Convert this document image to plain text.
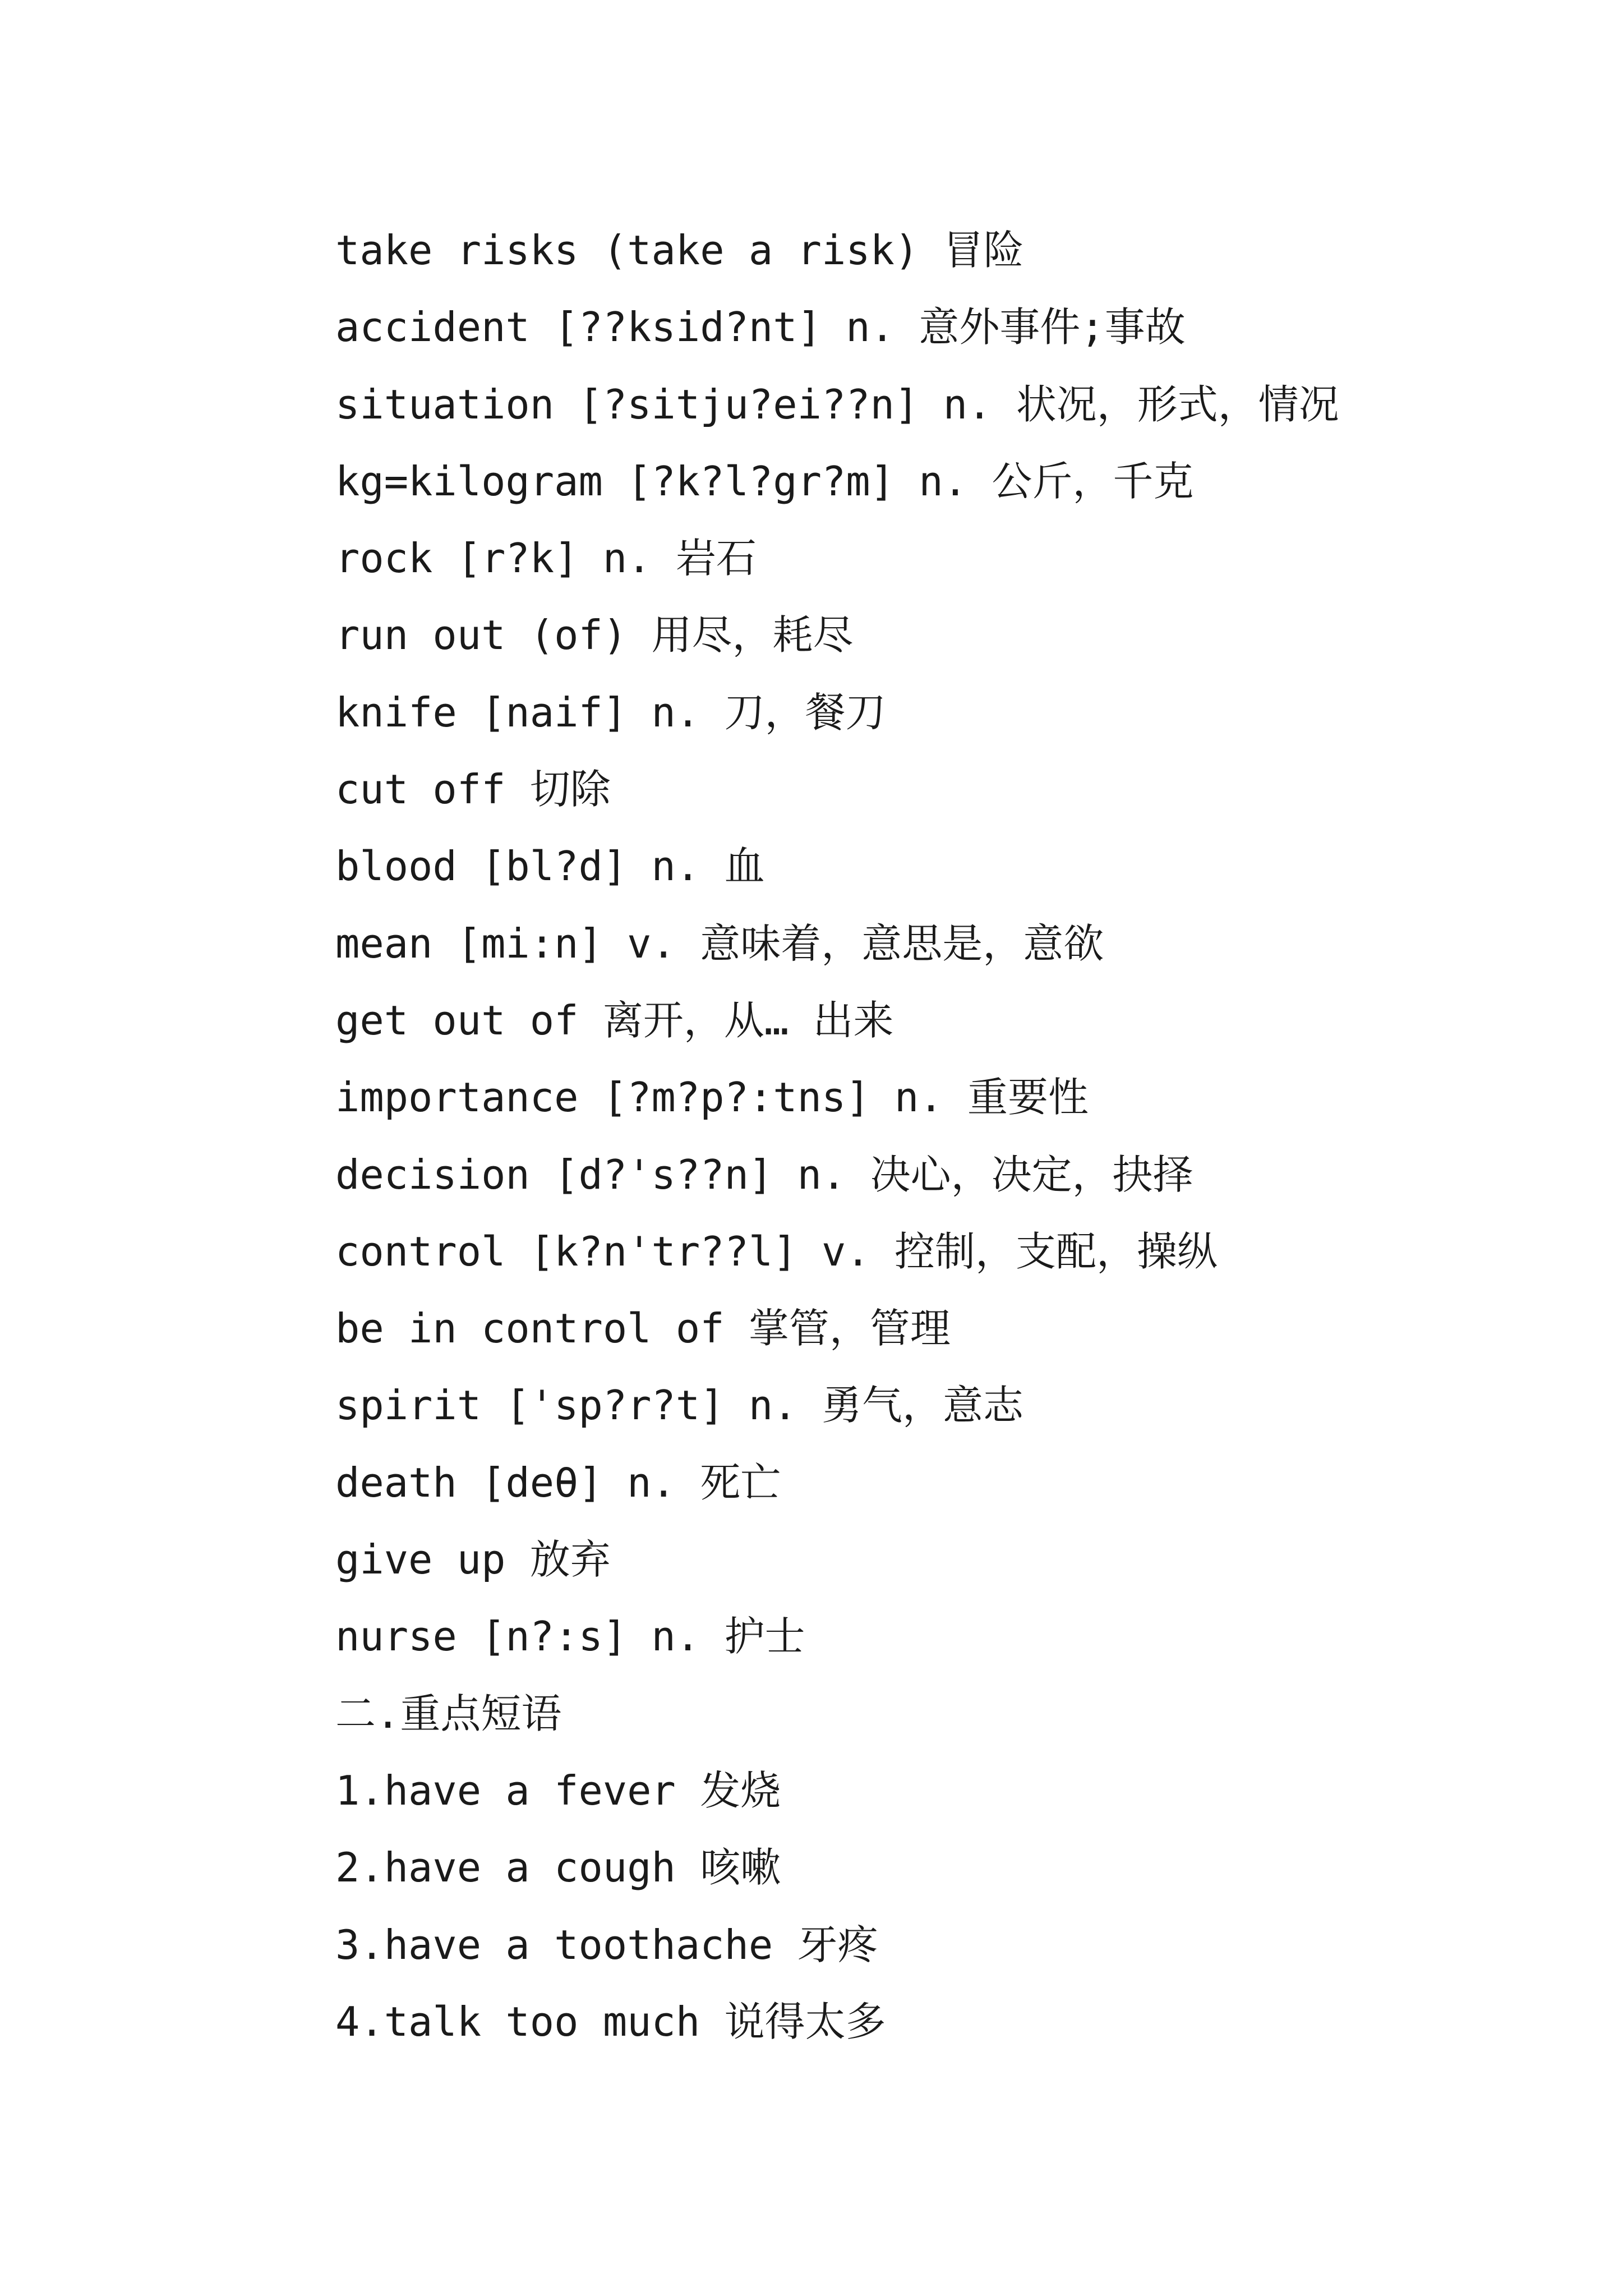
take risks (take a risk) 冒险
accident [??ksid?nt] n. 意外事件;事故
situation [?sitju?ei??n] n. 状况，形式，情况
kg=kilogram [?k?l?gr?m] n. 公斤，千克
rock [r?k] n. 岩石
run out (of) 用尽，耗尽
knife [naif] n. 刀，餐刀
cut off 切除
blood [bl?d] n. 血
mean [mi:n] v. 意味着，意思是，意欲
get out of 离开，从… 出来
importance [?m?p?:tns] n. 重要性
decision [d?'s??n] n. 决心，决定，抉择
control [k?n'tr??l] v. 控制，支配，操纵
be in control of 掌管，管理
spirit ['sp?r?t] n. 勇气，意志
death [deθ] n. 死亡
give up 放弃
nurse [n?:s] n. 护士
二.重点短语
1.have a fever 发烧
2.have a cough 咳嗽
3.have a toothache 牙疼
4.talk too much 说得太多
